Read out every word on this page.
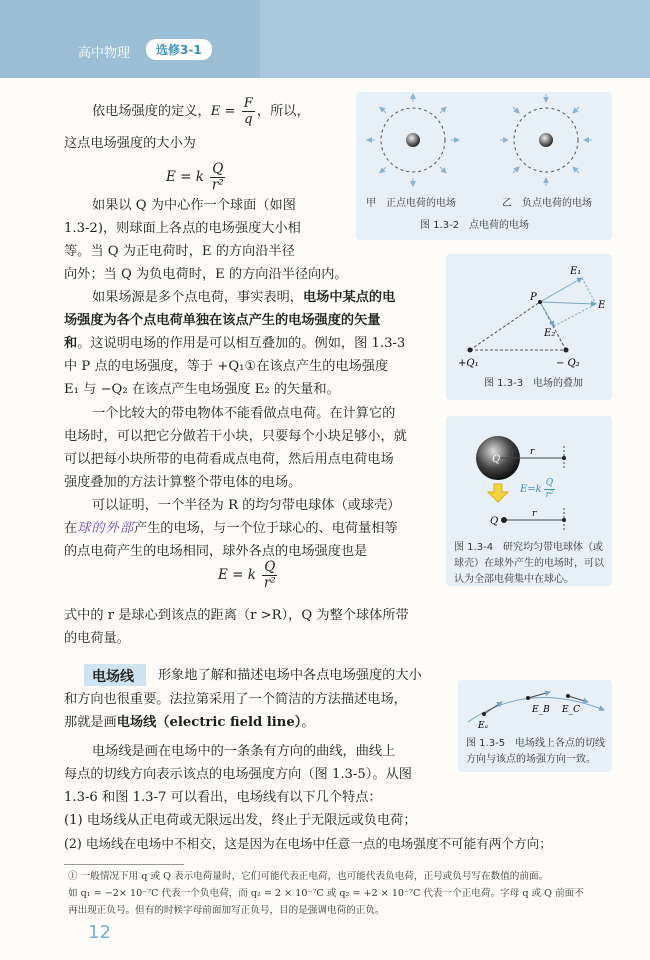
高中物理	选修3-1
依电场强度的定义，$E = \frac{F}{q}$ ，所以，
这点电场强度的大小为
E = k $\frac{Q}{\text{r²}}$
如果以 Q 为中心作一个球面（如图
1.3-2)，则球面上各点的电场强度大小相
等。当 Q 为正电荷时，E 的方向沿半径
向外；当 Q 为负电荷时，E 的方向沿半径向内。
如果场源是多个点电荷，事实表明，电场中某点的电
场强度为各个点电荷单独在该点产生的电场强度的矢量
和。这说明电场的作用是可以相互叠加的。例如，图 1.3-3
中 P 点的电场强度，等于 +Q₁①在该点产生的电场强度
E₁ 与 −Q₂ 在该点产生电场强度 E₂ 的矢量和。
一个比较大的带电物体不能看做点电荷。在计算它的
电场时，可以把它分做若干小块，只要每个小块足够小，就
可以把每小块所带的电荷看成点电荷，然后用点电荷电场
强度叠加的方法计算整个带电体的电场。
可以证明，一个半径为 R 的均匀带电球体（或球壳）
在球的外部产生的电场，与一个位于球心的、电荷量相等
的点电荷产生的电场相同，球外各点的电场强度也是
E = k $\frac{Q}{\text{r²}}$
式中的 r 是球心到该点的距离（r >R），Q 为整个球体所带
的电荷量。
电场线 形象地了解和描述电场中各点电场强度的大小
和方向也很重要。法拉第采用了一个简洁的方法描述电场，
那就是画电场线（electric field line）。
电场线是画在电场中的一条条有方向的曲线，曲线上
每点的切线方向表示该点的电场强度方向（图 1.3-5）。从图
1.3-6 和图 1.3-7 可以看出，电场线有以下几个特点：
(1) 电场线从正电荷或无限远出发，终止于无限远或负电荷；
(2) 电场线在电场中不相交，这是因为在电场中任意一点的电场强度不可能有两个方向；
① 一般情况下用 q 或 Q 表示电荷量时，它们可能代表正电荷，也可能代表负电荷，正号或负号写在数值的前面。
如 q₁ = −2× 10⁻⁷C 代表一个负电荷，而 q₂ = 2 × 10⁻⁷C 或 q₂ = +2 × 10⁻⁷C 代表一个正电荷。字母 q 或 Q 前面不
再出现正负号。但有的时候字母前面加写正负号，目的是强调电荷的正负。
12
甲　正点电荷的电场	乙　负点电荷的电场
图 1.3-2　点电荷的电场
E₁
P
E
E₂
+Q₁	− Q₂
图 1.3-3　电场的叠加
Q
r
Q
r
$E=k \frac{Q}{\text{r²}}$
图 1.3-4　研究均匀带电球体（或
球壳）在球外产生的电场时，可以
认为全部电荷集中在球心。
Eₐ
E_B E_C
图 1.3-5　电场线上各点的切线
方向与该点的场强方向一致。
